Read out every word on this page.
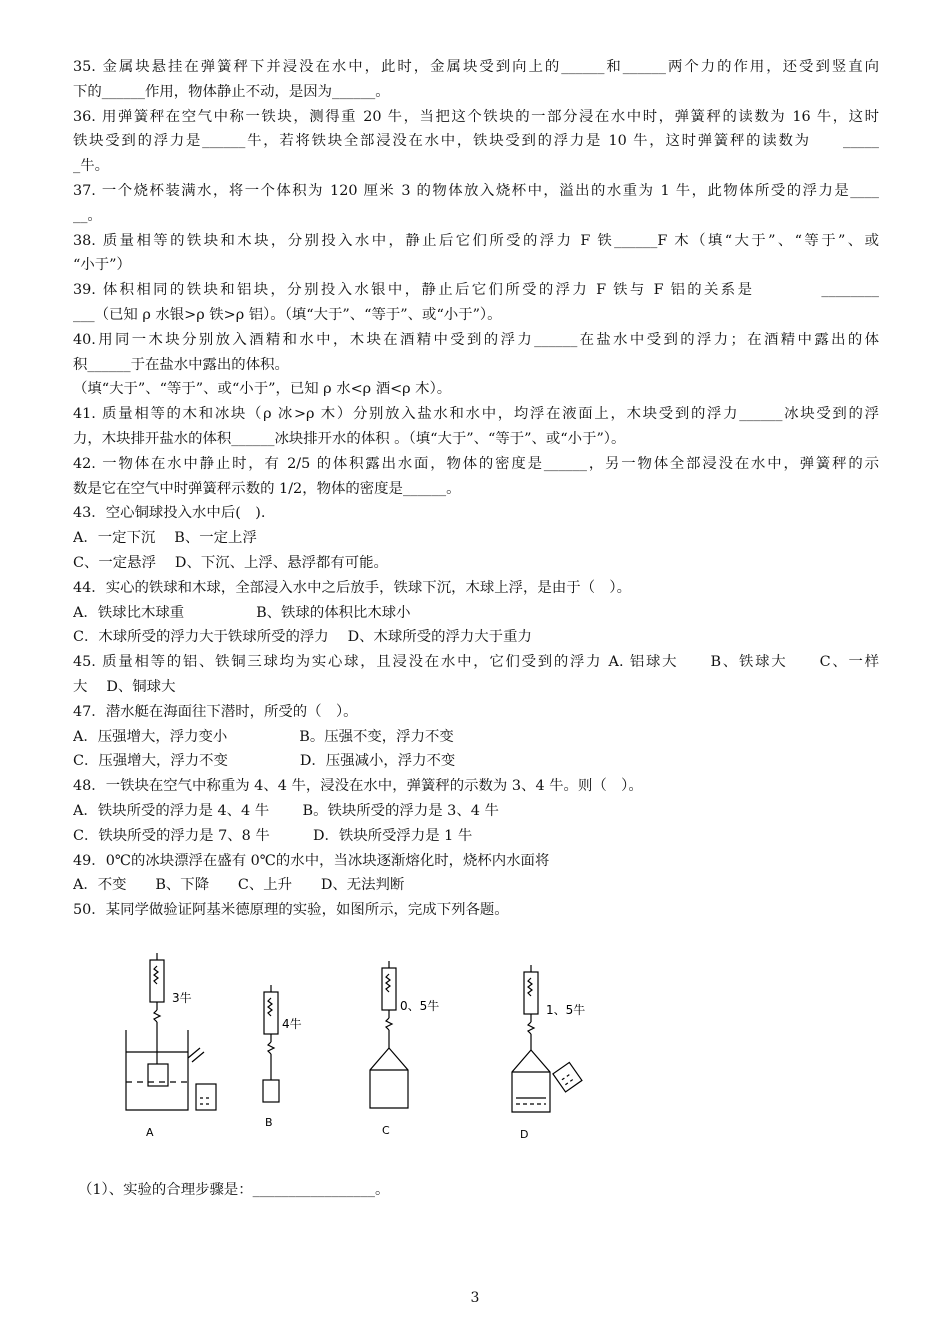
35. 金属块悬挂在弹簧秤下并浸没在水中，此时，金属块受到向上的______和______两个力的作用，还受到竖直向
下的______作用，物体静止不动，是因为______。
36. 用弹簧秤在空气中称一铁块，测得重 20 牛，当把这个铁块的一部分浸在水中时，弹簧秤的读数为 16 牛，这时
铁块受到的浮力是______牛，若将铁块全部浸没在水中，铁块受到的浮力是 10 牛，这时弹簧秤的读数为　　_____
_牛。
37. 一个烧杯装满水，将一个体积为 120 厘米 3 的物体放入烧杯中，溢出的水重为 1 牛，此物体所受的浮力是____
__。
38. 质量相等的铁块和木块，分别投入水中，静止后它们所受的浮力 F 铁______F 木（填“大于”、“等于”、或
“小于”）
39. 体积相同的铁块和铝块，分别投入水银中，静止后它们所受的浮力 F 铁与 F 铝的关系是　　　　________
___（已知 ρ 水银>ρ 铁>ρ 铝）。（填“大于”、“等于”、或“小于”）。
40.用同一木块分别放入酒精和水中，木块在酒精中受到的浮力______在盐水中受到的浮力；在酒精中露出的体
积______于在盐水中露出的体积。
（填“大于”、“等于”、或“小于”，已知 ρ 水<ρ 酒<ρ 木）。
41. 质量相等的木和冰块（ρ 冰>ρ 木）分别放入盐水和水中，均浮在液面上，木块受到的浮力______冰块受到的浮
力，木块排开盐水的体积______冰块排开水的体积 。（填“大于”、“等于”、或“小于”）。
42. 一物体在水中静止时，有 2/5 的体积露出水面，物体的密度是______，另一物体全部浸没在水中，弹簧秤的示
数是它在空气中时弹簧秤示数的 1/2，物体的密度是______。
43．空心铜球投入水中后(　).
A．一定下沉　 B、一定上浮
C、一定悬浮　 D、下沉、上浮、悬浮都有可能。
44．实心的铁球和木球，全部浸入水中之后放手，铁球下沉，木球上浮，是由于（　）。
A．铁球比木球重　　　　　B、铁球的体积比木球小
C．木球所受的浮力大于铁球所受的浮力　 D、木球所受的浮力大于重力
45. 质量相等的铝、铁铜三球均为实心球，且浸没在水中，它们受到的浮力 A. 铝球大　　B、铁球大　　C、一样
大　 D、铜球大
47．潜水艇在海面往下潜时，所受的（　）。
A．压强增大，浮力变小　　　　　B。压强不变，浮力不变
C．压强增大，浮力不变　　　　　D．压强减小，浮力不变
48．一铁块在空气中称重为 4、4 牛，浸没在水中，弹簧秤的示数为 3、4 牛。则（　）。
A．铁块所受的浮力是 4、4 牛　　 B。铁块所受的浮力是 3、4 牛
C．铁块所受的浮力是 7、8 牛　　　D．铁块所受浮力是 1 牛
49．0℃的冰块漂浮在盛有 0℃的水中，当冰块逐渐熔化时，烧杯内水面将
A．不变　　B、下降　　C、上升　　D、无法判断
50．某同学做验证阿基米德原理的实验，如图所示，完成下列各题。
3牛
A
4牛
B
0、5牛
C
1、5牛
D
（1）、实验的合理步骤是：_________________。
3
